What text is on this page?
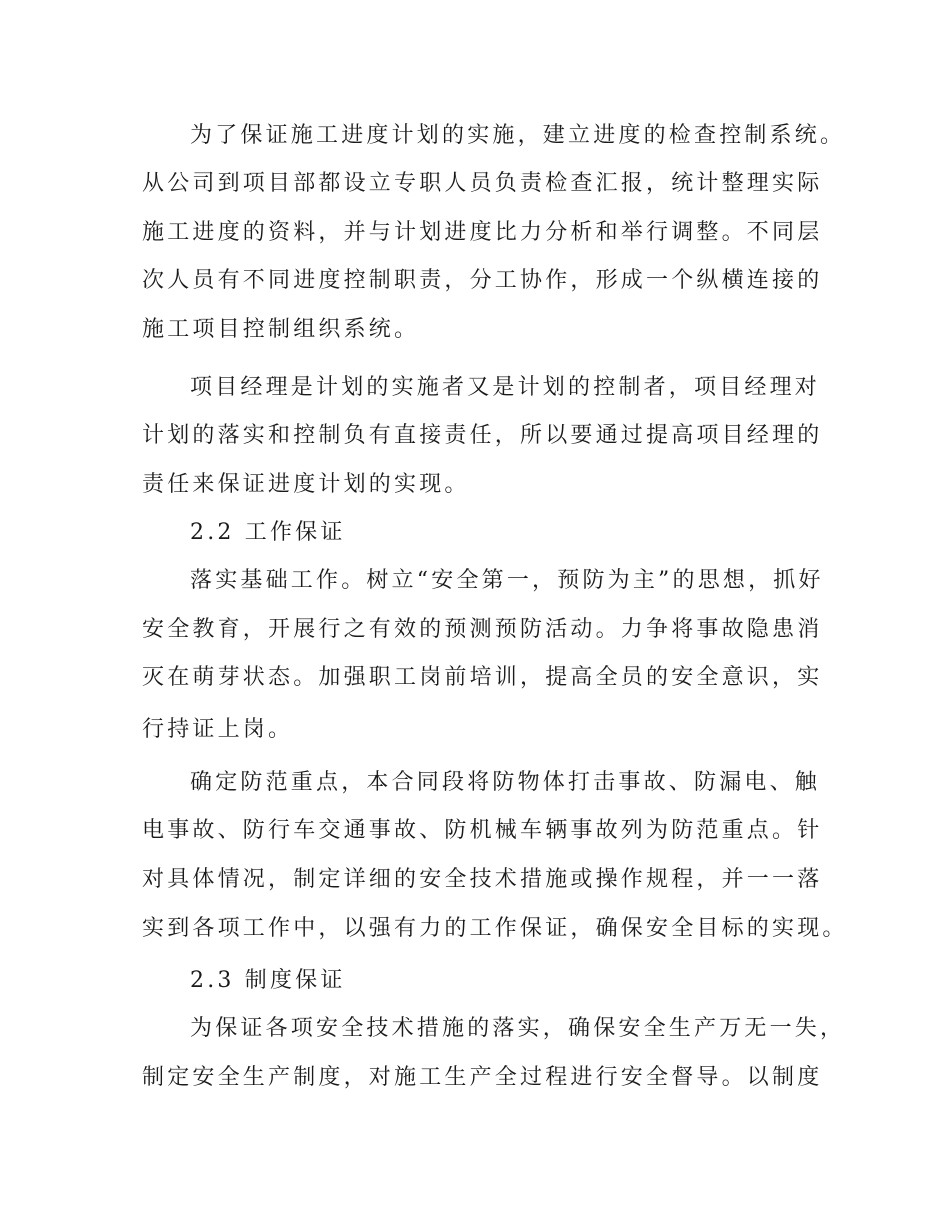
为了保证施工进度计划的实施，建立进度的检查控制系统。
从公司到项目部都设立专职人员负责检查汇报，统计整理实际
施工进度的资料，并与计划进度比力分析和举行调整。不同层
次人员有不同进度控制职责，分工协作，形成一个纵横连接的
施工项目控制组织系统。
项目经理是计划的实施者又是计划的控制者，项目经理对
计划的落实和控制负有直接责任，所以要通过提高项目经理的
责任来保证进度计划的实现。
2.2 工作保证
落实基础工作。树立“安全第一，预防为主”的思想，抓好
安全教育，开展行之有效的预测预防活动。力争将事故隐患消
灭在萌芽状态。加强职工岗前培训，提高全员的安全意识，实
行持证上岗。
确定防范重点，本合同段将防物体打击事故、防漏电、触
电事故、防行车交通事故、防机械车辆事故列为防范重点。针
对具体情况，制定详细的安全技术措施或操作规程，并一一落
实到各项工作中，以强有力的工作保证，确保安全目标的实现。
2.3 制度保证
为保证各项安全技术措施的落实，确保安全生产万无一失，
制定安全生产制度，对施工生产全过程进行安全督导。以制度
